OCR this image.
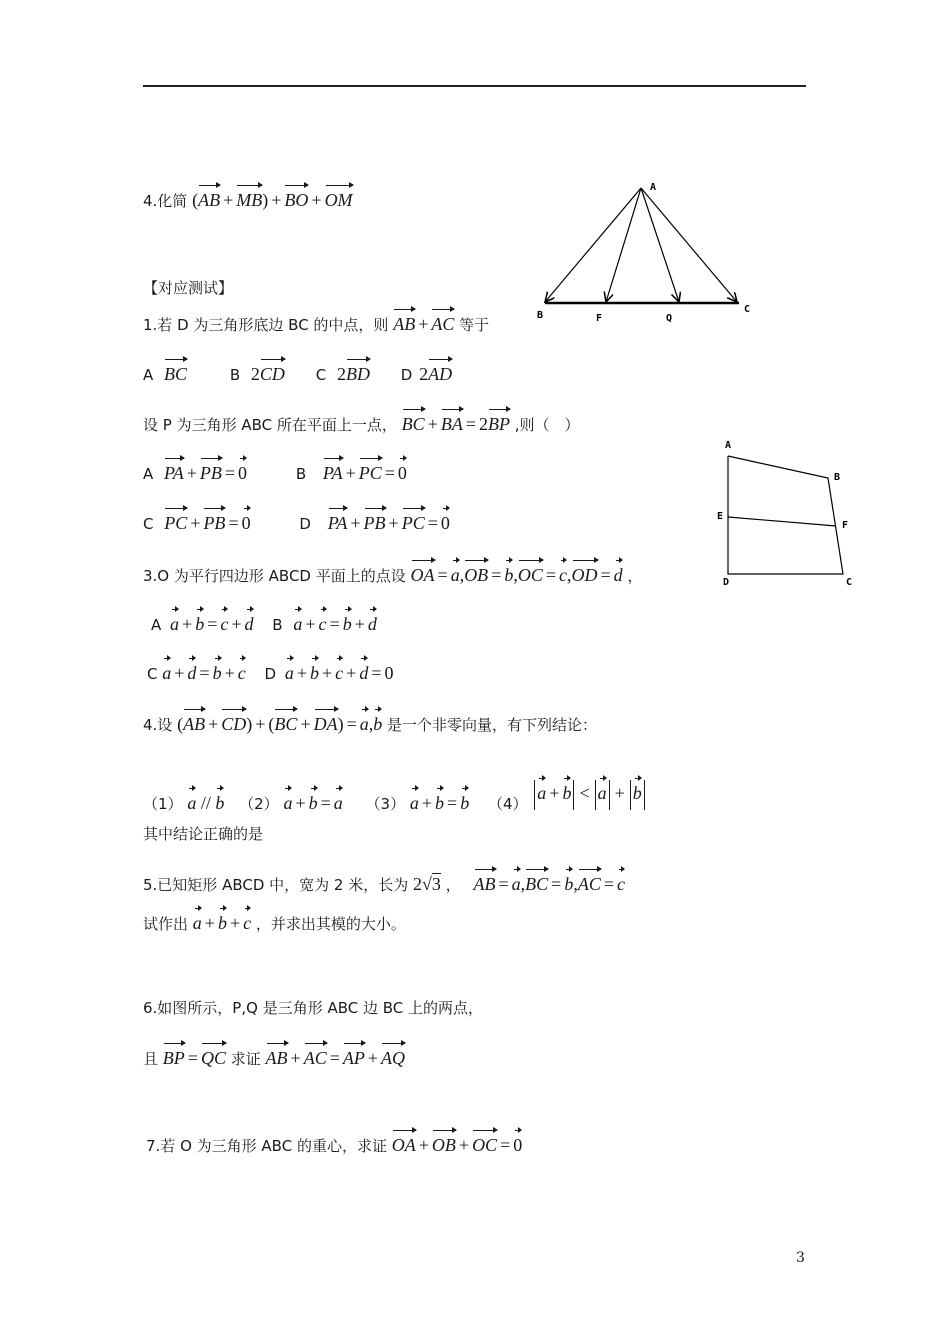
4.化简 (AB + MB) + BO + OM
A
B	F	Q
C
【对应测试】
1.若 D 为三角形底边 BC 的中点，则 AB + AC 等于
A BC	B 2CD C 2BD D 2AD
设 P 为三角形 ABC 所在平面上一点， BC + BA = 2BP ,则（　）
A PA + PB = 0	B PA + PC = 0
C PC + PB = 0	D PA + PB + PC = 0
A
B
E
F
D	C
3.O 为平行四边形 ABCD 平面上的点设 OA = a,OB = b,OC = c,OD = d ，
A a + b = c + d B a + c = b + d
C a + d = b + c D a + b + c + d = 0
4.设 (AB + CD) + (BC + DA) = a,b 是一个非零向量，有下列结论：
（1） a // b （2） a + b = a （3） a + b = b （4） a + b < a + b
其中结论正确的是
5.已知矩形 ABCD 中，宽为 2 米，长为 2√3 ， AB = a,BC = b,AC = c
试作出 a + b + c ，并求出其模的大小。
6.如图所示，P,Q 是三角形 ABC 边 BC 上的两点，
且 BP = QC 求证 AB + AC = AP + AQ
7.若 O 为三角形 ABC 的重心，求证 OA + OB + OC = 0
3
